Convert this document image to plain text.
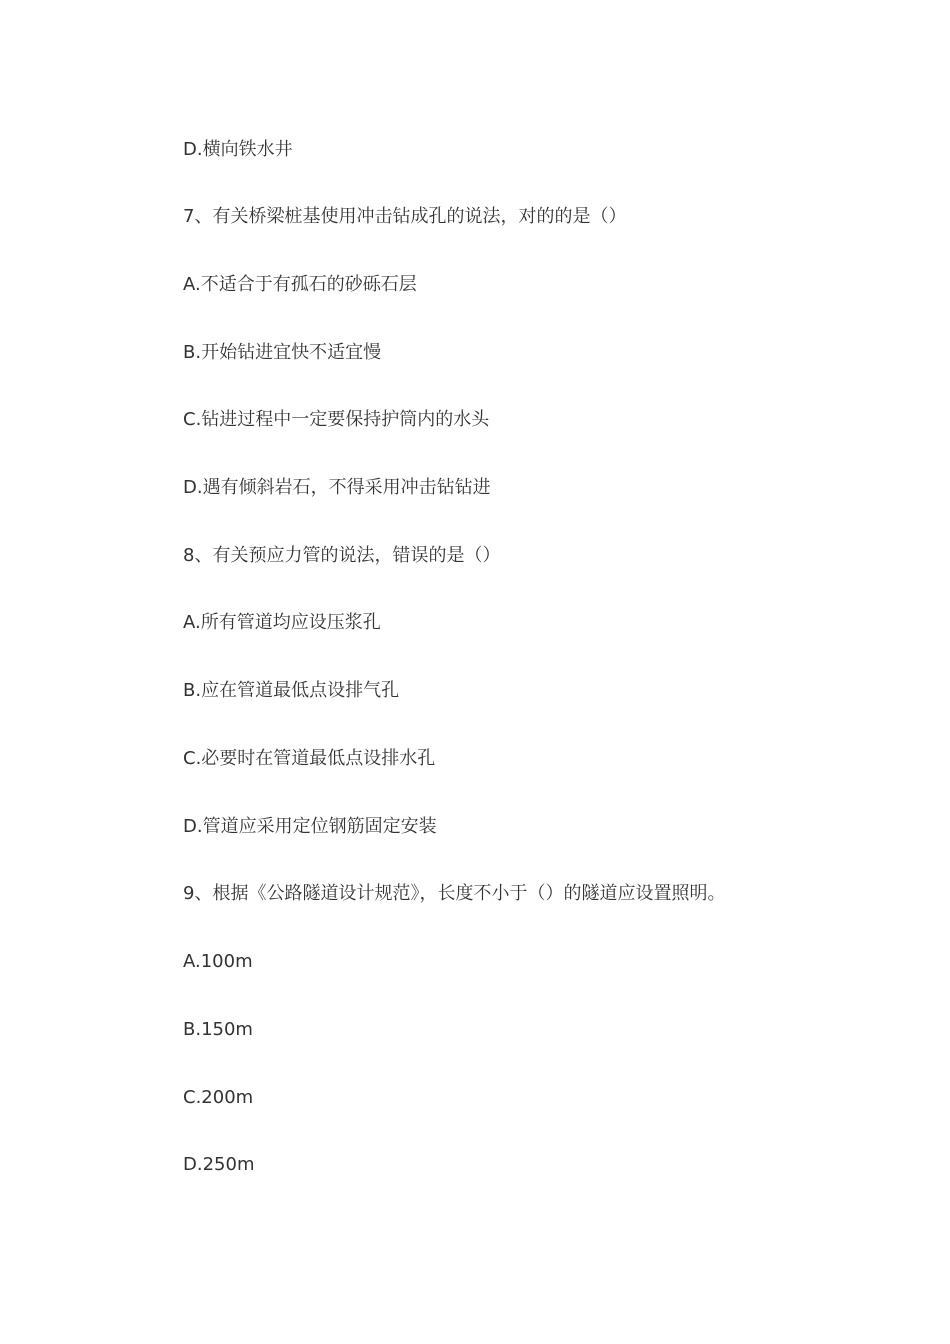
D.横向铁水井
7、有关桥梁桩基使用冲击钻成孔的说法，对的的是（）
A.不适合于有孤石的砂砾石层
B.开始钻进宜快不适宜慢
C.钻进过程中一定要保持护筒内的水头
D.遇有倾斜岩石，不得采用冲击钻钻进
8、有关预应力管的说法，错误的是（）
A.所有管道均应设压浆孔
B.应在管道最低点设排气孔
C.必要时在管道最低点设排水孔
D.管道应采用定位钢筋固定安装
9、根据《公路隧道设计规范》，长度不小于（）的隧道应设置照明。
A.100m
B.150m
C.200m
D.250m
